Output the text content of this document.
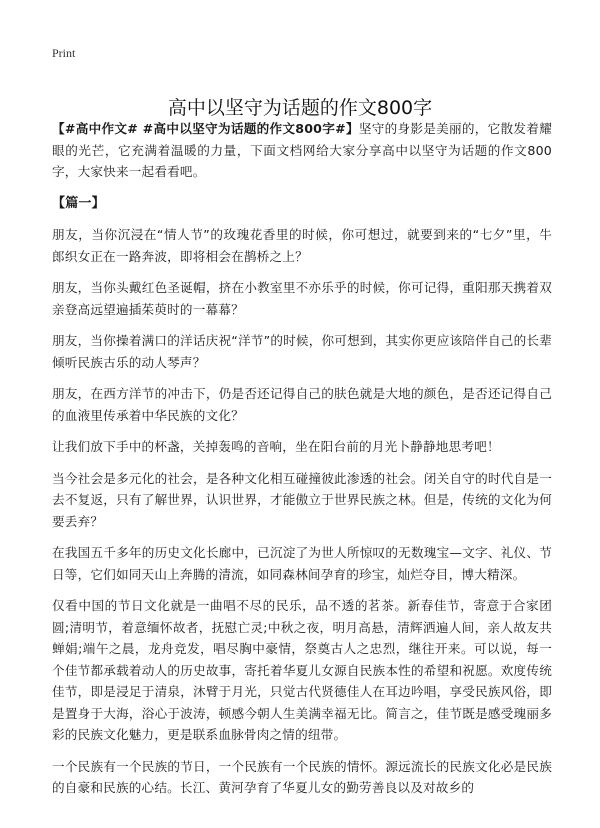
Print
高中以坚守为话题的作文800字

【#高中作文# #高中以坚守为话题的作文800字#】坚守的身影是美丽的，它散发着耀眼的光芒，它充满着温暖的力量，下面文档网给大家分享高中以坚守为话题的作文800字，大家快来一起看看吧。

【篇一】

朋友，当你沉浸在“情人节”的玫瑰花香里的时候，你可想过，就要到来的“七夕”里，牛郎织女正在一路奔波，即将相会在鹊桥之上？

朋友，当你头戴红色圣诞帽，挤在小教室里不亦乐乎的时候，你可记得，重阳那天携着双亲登高远望遍插茱萸时的一幕幕？

朋友，当你操着满口的洋话庆祝“洋节”的时候，你可想到，其实你更应该陪伴自己的长辈倾听民族古乐的动人琴声？

朋友，在西方洋节的冲击下，仍是否还记得自己的肤色就是大地的颜色，是否还记得自己的血液里传承着中华民族的文化？

让我们放下手中的杯盏，关掉轰鸣的音响，坐在阳台前的月光卜静静地思考吧！

当今社会是多元化的社会，是各种文化相互碰撞彼此渗透的社会。闭关自守的时代自是一去不复返，只有了解世界，认识世界，才能傲立于世界民族之林。但是，传统的文化为何要丢弃？

在我国五千多年的历史文化长廊中，已沉淀了为世人所惊叹的无数瑰宝—文字、礼仪、节日等，它们如同天山上奔腾的清流，如同森林间孕育的珍宝，灿烂夺目，博大精深。

仅看中国的节日文化就是一曲唱不尽的民乐，品不透的茗茶。新春佳节，寄意于合家团圆;清明节，着意缅怀故者，抚慰亡灵;中秋之夜，明月高悬，清辉洒遍人间，亲人故友共蝉娟;端午之晨，龙舟竞发，唱尽胸中豪情，祭奠古人之忠烈，继往开来。可以说，每一个佳节都承载着动人的历史故事，寄托着华夏儿女源自民族本性的希望和祝愿。欢度传统佳节，即是浸足于清泉，沐臂于月光，只觉古代贤德佳人在耳边吟唱，享受民族风俗，即是置身于大海，浴心于波涛，顿感今朝人生美满幸福无比。简言之，佳节既是感受瑰丽多彩的民族文化魅力，更是联系血脉骨肉之情的纽带。

一个民族有一个民族的节日，一个民族有一个民族的情怀。源远流长的民族文化必是民族的自豪和民族的心结。长江、黄河孕育了华夏儿女的勤劳善良以及对故乡的
